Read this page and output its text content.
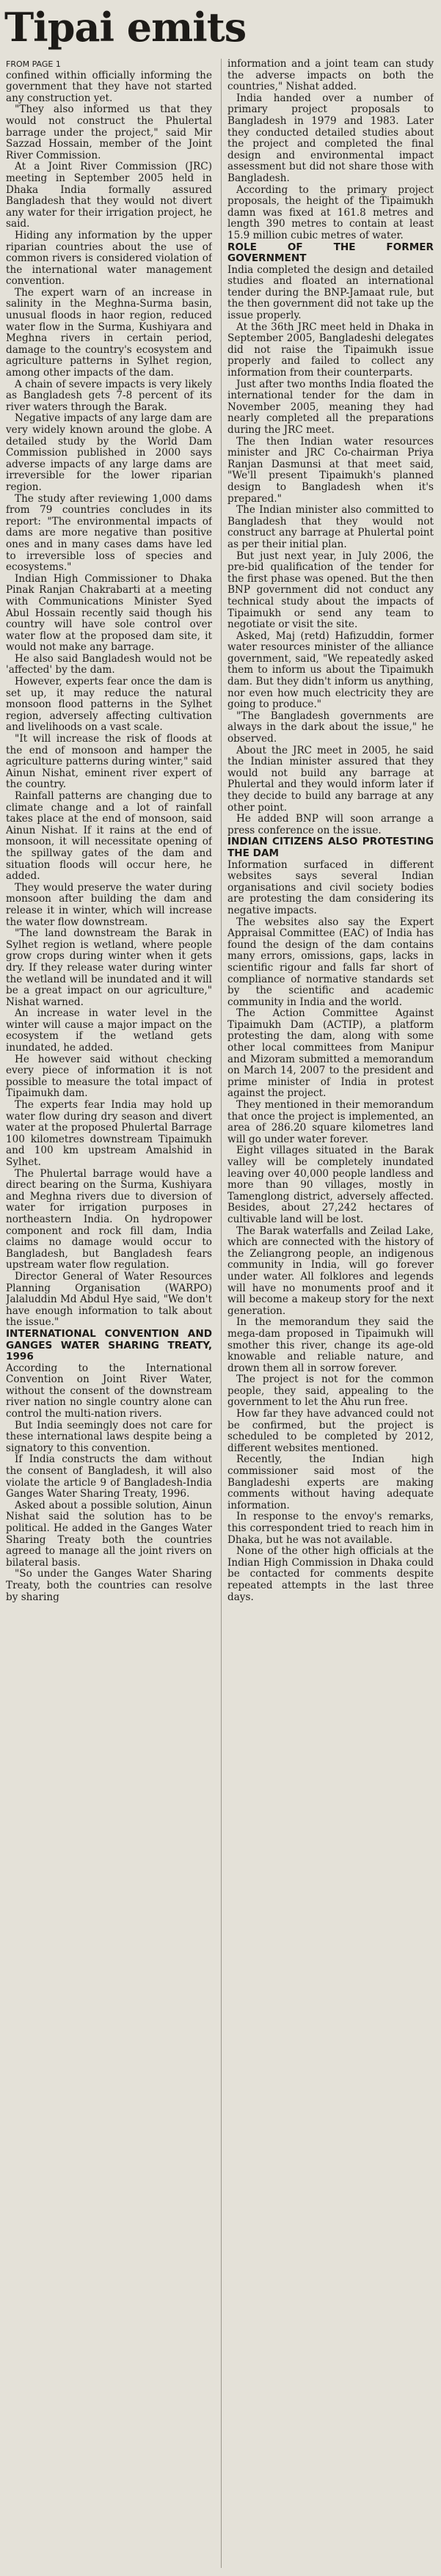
Tipai emits
FROM PAGE 1

confined within officially informing the government that they have not started any construction yet.

"They also informed us that they would not construct the Phulertal barrage under the project," said Mir Sazzad Hossain, member of the Joint River Commission.

At a Joint River Commission (JRC) meeting in September 2005 held in Dhaka India formally assured Bangladesh that they would not divert any water for their irrigation project, he said.

Hiding any information by the upper riparian countries about the use of common rivers is considered violation of the international water management convention.

The expert warn of an increase in salinity in the Meghna-Surma basin, unusual floods in haor region, reduced water flow in the Surma, Kushiyara and Meghna rivers in certain period, damage to the country's ecosystem and agriculture patterns in Sylhet region, among other impacts of the dam.

A chain of severe impacts is very likely as Bangladesh gets 7-8 percent of its river waters through the Barak.

Negative impacts of any large dam are very widely known around the globe. A detailed study by the World Dam Commission published in 2000 says adverse impacts of any large dams are irreversible for the lower riparian region.

The study after reviewing 1,000 dams from 79 countries concludes in its report: "The environmental impacts of dams are more negative than positive ones and in many cases dams have led to irreversible loss of species and ecosystems."

Indian High Commissioner to Dhaka Pinak Ranjan Chakrabarti at a meeting with Communications Minister Syed Abul Hossain recently said though his country will have sole control over water flow at the proposed dam site, it would not make any barrage.

He also said Bangladesh would not be 'affected' by the dam.

However, experts fear once the dam is set up, it may reduce the natural monsoon flood patterns in the Sylhet region, adversely affecting cultivation and livelihoods on a vast scale.

"It will increase the risk of floods at the end of monsoon and hamper the agriculture patterns during winter," said Ainun Nishat, eminent river expert of the country.

Rainfall patterns are changing due to climate change and a lot of rainfall takes place at the end of monsoon, said Ainun Nishat. If it rains at the end of monsoon, it will necessitate opening of the spillway gates of the dam and situation floods will occur here, he added.

They would preserve the water during monsoon after building the dam and release it in winter, which will increase the water flow downstream.

"The land downstream the Barak in Sylhet region is wetland, where people grow crops during winter when it gets dry. If they release water during winter the wetland will be inundated and it will be a great impact on our agriculture," Nishat warned.

An increase in water level in the winter will cause a major impact on the ecosystem if the wetland gets inundated, he added.

He however said without checking every piece of information it is not possible to measure the total impact of Tipaimukh dam.

The experts fear India may hold up water flow during dry season and divert water at the proposed Phulertal Barrage 100 kilometres downstream Tipaimukh and 100 km upstream Amalshid in Sylhet.

The Phulertal barrage would have a direct bearing on the Surma, Kushiyara and Meghna rivers due to diversion of water for irrigation purposes in northeastern India. On hydropower component and rock fill dam, India claims no damage would occur to Bangladesh, but Bangladesh fears upstream water flow regulation.

Director General of Water Resources Planning Organisation (WARPO) Jalaluddin Md Abdul Hye said, "We don't have enough information to talk about the issue."

INTERNATIONAL CONVENTION AND GANGES WATER SHARING TREATY, 1996

According to the International Convention on Joint River Water, without the consent of the downstream river nation no single country alone can control the multi-nation rivers.

But India seemingly does not care for these international laws despite being a signatory to this convention.

If India constructs the dam without the consent of Bangladesh, it will also violate the article 9 of Bangladesh-India Ganges Water Sharing Treaty, 1996.

Asked about a possible solution, Ainun Nishat said the solution has to be political. He added in the Ganges Water Sharing Treaty both the countries agreed to manage all the joint rivers on bilateral basis.

"So under the Ganges Water Sharing Treaty, both the countries can resolve by sharing

information and a joint team can study the adverse impacts on both the countries," Nishat added.

India handed over a number of primary project proposals to Bangladesh in 1979 and 1983. Later they conducted detailed studies about the project and completed the final design and environmental impact assessment but did not share those with Bangladesh.

According to the primary project proposals, the height of the Tipaimukh damn was fixed at 161.8 metres and length 390 metres to contain at least 15.9 million cubic metres of water.

ROLE OF THE FORMER GOVERNMENT

India completed the design and detailed studies and floated an international tender during the BNP-Jamaat rule, but the then government did not take up the issue properly.

At the 36th JRC meet held in Dhaka in September 2005, Bangladeshi delegates did not raise the Tipaimukh issue properly and failed to collect any information from their counterparts.

Just after two months India floated the international tender for the dam in November 2005, meaning they had nearly completed all the preparations during the JRC meet.

The then Indian water resources minister and JRC Co-chairman Priya Ranjan Dasmunsi at that meet said, "We'll present Tipaimukh's planned design to Bangladesh when it's prepared."

The Indian minister also committed to Bangladesh that they would not construct any barrage at Phulertal point as per their initial plan.

But just next year, in July 2006, the pre-bid qualification of the tender for the first phase was opened. But the then BNP government did not conduct any technical study about the impacts of Tipaimukh or send any team to negotiate or visit the site.

Asked, Maj (retd) Hafizuddin, former water resources minister of the alliance government, said, "We repeatedly asked them to inform us about the Tipaimukh dam. But they didn't inform us anything, nor even how much electricity they are going to produce."

"The Bangladesh governments are always in the dark about the issue," he observed.

About the JRC meet in 2005, he said the Indian minister assured that they would not build any barrage at Phulertal and they would inform later if they decide to build any barrage at any other point.

He added BNP will soon arrange a press conference on the issue.

INDIAN CITIZENS ALSO PROTESTING THE DAM

Information surfaced in different websites says several Indian organisations and civil society bodies are protesting the dam considering its negative impacts.

The websites also say the Expert Appraisal Committee (EAC) of India has found the design of the dam contains many errors, omissions, gaps, lacks in scientific rigour and falls far short of compliance of normative standards set by the scientific and academic community in India and the world.

The Action Committee Against Tipaimukh Dam (ACTIP), a platform protesting the dam, along with some other local committees from Manipur and Mizoram submitted a memorandum on March 14, 2007 to the president and prime minister of India in protest against the project.

They mentioned in their memorandum that once the project is implemented, an area of 286.20 square kilometres land will go under water forever.

Eight villages situated in the Barak valley will be completely inundated leaving over 40,000 people landless and more than 90 villages, mostly in Tamenglong district, adversely affected. Besides, about 27,242 hectares of cultivable land will be lost.

The Barak waterfalls and Zeilad Lake, which are connected with the history of the Zeliangrong people, an indigenous community in India, will go forever under water. All folklores and legends will have no monuments proof and it will become a makeup story for the next generation.

In the memorandum they said the mega-dam proposed in Tipaimukh will smother this river, change its age-old knowable and reliable nature, and drown them all in sorrow forever.

The project is not for the common people, they said, appealing to the government to let the Ahu run free.

How far they have advanced could not be confirmed, but the project is scheduled to be completed by 2012, different websites mentioned.

Recently, the Indian high commissioner said most of the Bangladeshi experts are making comments without having adequate information.

In response to the envoy's remarks, this correspondent tried to reach him in Dhaka, but he was not available.

None of the other high officials at the Indian High Commission in Dhaka could be contacted for comments despite repeated attempts in the last three days.
